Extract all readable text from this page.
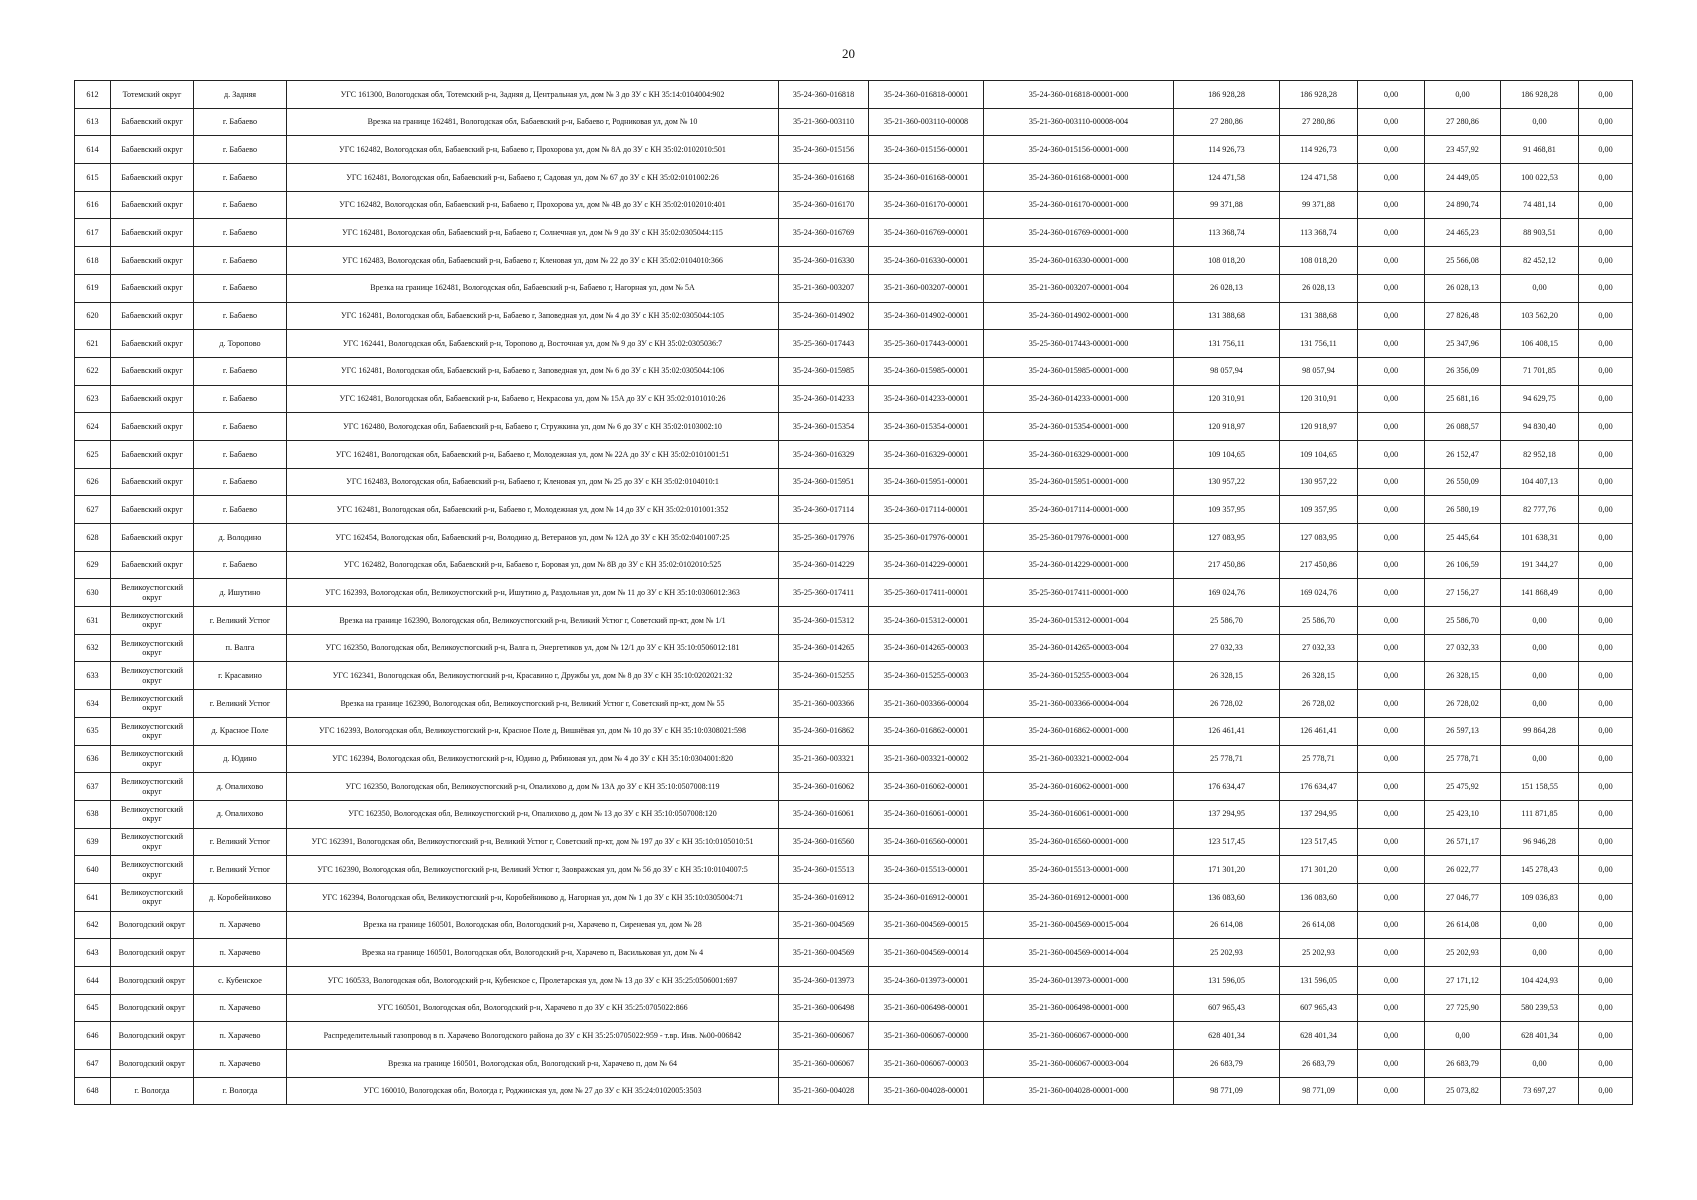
20
612	Тотемский округ	д. Задняя	УГС 161300, Вологодская обл, Тотемский р-н, Задняя д, Центральная ул, дом № 3 до ЗУ с КН 35:14:0104004:902	35-24-360-016818	35-24-360-016818-00001	35-24-360-016818-00001-000	186 928,28	186 928,28	0,00	0,00	186 928,28	0,00
613	Бабаевский округ	г. Бабаево	Врезка на границе 162481, Вологодская обл, Бабаевский р-н, Бабаево г, Родниковая ул, дом № 10	35-21-360-003110	35-21-360-003110-00008	35-21-360-003110-00008-004	27 280,86	27 280,86	0,00	27 280,86	0,00	0,00
614	Бабаевский округ	г. Бабаево	УГС 162482, Вологодская обл, Бабаевский р-н, Бабаево г, Прохорова ул, дом № 8А до ЗУ с КН 35:02:0102010:501	35-24-360-015156	35-24-360-015156-00001	35-24-360-015156-00001-000	114 926,73	114 926,73	0,00	23 457,92	91 468,81	0,00
615	Бабаевский округ	г. Бабаево	УГС 162481, Вологодская обл, Бабаевский р-н, Бабаево г, Садовая ул, дом № 67 до ЗУ с КН 35:02:0101002:26	35-24-360-016168	35-24-360-016168-00001	35-24-360-016168-00001-000	124 471,58	124 471,58	0,00	24 449,05	100 022,53	0,00
616	Бабаевский округ	г. Бабаево	УГС 162482, Вологодская обл, Бабаевский р-н, Бабаево г, Прохорова ул, дом № 4В до ЗУ с КН 35:02:0102010:401	35-24-360-016170	35-24-360-016170-00001	35-24-360-016170-00001-000	99 371,88	99 371,88	0,00	24 890,74	74 481,14	0,00
617	Бабаевский округ	г. Бабаево	УГС 162481, Вологодская обл, Бабаевский р-н, Бабаево г, Солнечная ул, дом № 9 до ЗУ с КН 35:02:0305044:115	35-24-360-016769	35-24-360-016769-00001	35-24-360-016769-00001-000	113 368,74	113 368,74	0,00	24 465,23	88 903,51	0,00
618	Бабаевский округ	г. Бабаево	УГС 162483, Вологодская обл, Бабаевский р-н, Бабаево г, Кленовая ул, дом № 22 до ЗУ с КН 35:02:0104010:366	35-24-360-016330	35-24-360-016330-00001	35-24-360-016330-00001-000	108 018,20	108 018,20	0,00	25 566,08	82 452,12	0,00
619	Бабаевский округ	г. Бабаево	Врезка на границе 162481, Вологодская обл, Бабаевский р-н, Бабаево г, Нагорная ул, дом № 5А	35-21-360-003207	35-21-360-003207-00001	35-21-360-003207-00001-004	26 028,13	26 028,13	0,00	26 028,13	0,00	0,00
620	Бабаевский округ	г. Бабаево	УГС 162481, Вологодская обл, Бабаевский р-н, Бабаево г, Заповедная ул, дом № 4 до ЗУ с КН 35:02:0305044:105	35-24-360-014902	35-24-360-014902-00001	35-24-360-014902-00001-000	131 388,68	131 388,68	0,00	27 826,48	103 562,20	0,00
621	Бабаевский округ	д. Торопово	УГС 162441, Вологодская обл, Бабаевский р-н, Торопово д, Восточная ул, дом № 9 до ЗУ с КН 35:02:0305036:7	35-25-360-017443	35-25-360-017443-00001	35-25-360-017443-00001-000	131 756,11	131 756,11	0,00	25 347,96	106 408,15	0,00
622	Бабаевский округ	г. Бабаево	УГС 162481, Вологодская обл, Бабаевский р-н, Бабаево г, Заповедная ул, дом № 6 до ЗУ с КН 35:02:0305044:106	35-24-360-015985	35-24-360-015985-00001	35-24-360-015985-00001-000	98 057,94	98 057,94	0,00	26 356,09	71 701,85	0,00
623	Бабаевский округ	г. Бабаево	УГС 162481, Вологодская обл, Бабаевский р-н, Бабаево г, Некрасова ул, дом № 15А до ЗУ с КН 35:02:0101010:26	35-24-360-014233	35-24-360-014233-00001	35-24-360-014233-00001-000	120 310,91	120 310,91	0,00	25 681,16	94 629,75	0,00
624	Бабаевский округ	г. Бабаево	УГС 162480, Вологодская обл, Бабаевский р-н, Бабаево г, Стружкина ул, дом № 6 до ЗУ с КН 35:02:0103002:10	35-24-360-015354	35-24-360-015354-00001	35-24-360-015354-00001-000	120 918,97	120 918,97	0,00	26 088,57	94 830,40	0,00
625	Бабаевский округ	г. Бабаево	УГС 162481, Вологодская обл, Бабаевский р-н, Бабаево г, Молодежная ул, дом № 22А до ЗУ с КН 35:02:0101001:51	35-24-360-016329	35-24-360-016329-00001	35-24-360-016329-00001-000	109 104,65	109 104,65	0,00	26 152,47	82 952,18	0,00
626	Бабаевский округ	г. Бабаево	УГС 162483, Вологодская обл, Бабаевский р-н, Бабаево г, Кленовая ул, дом № 25 до ЗУ с КН 35:02:0104010:1	35-24-360-015951	35-24-360-015951-00001	35-24-360-015951-00001-000	130 957,22	130 957,22	0,00	26 550,09	104 407,13	0,00
627	Бабаевский округ	г. Бабаево	УГС 162481, Вологодская обл, Бабаевский р-н, Бабаево г, Молодежная ул, дом № 14 до ЗУ с КН 35:02:0101001:352	35-24-360-017114	35-24-360-017114-00001	35-24-360-017114-00001-000	109 357,95	109 357,95	0,00	26 580,19	82 777,76	0,00
628	Бабаевский округ	д. Володино	УГС 162454, Вологодская обл, Бабаевский р-н, Володино д, Ветеранов ул, дом № 12А до ЗУ с КН 35:02:0401007:25	35-25-360-017976	35-25-360-017976-00001	35-25-360-017976-00001-000	127 083,95	127 083,95	0,00	25 445,64	101 638,31	0,00
629	Бабаевский округ	г. Бабаево	УГС 162482, Вологодская обл, Бабаевский р-н, Бабаево г, Боровая ул, дом № 8В до ЗУ с КН 35:02:0102010:525	35-24-360-014229	35-24-360-014229-00001	35-24-360-014229-00001-000	217 450,86	217 450,86	0,00	26 106,59	191 344,27	0,00
630	Великоустюгский округ	д. Ишутино	УГС 162393, Вологодская обл, Великоустюгский р-н, Ишутино д, Раздольная ул, дом № 11 до ЗУ с КН 35:10:0306012:363	35-25-360-017411	35-25-360-017411-00001	35-25-360-017411-00001-000	169 024,76	169 024,76	0,00	27 156,27	141 868,49	0,00
631	Великоустюгский округ	г. Великий Устюг	Врезка на границе 162390, Вологодская обл, Великоустюгский р-н, Великий Устюг г, Советский пр-кт, дом № 1/1	35-24-360-015312	35-24-360-015312-00001	35-24-360-015312-00001-004	25 586,70	25 586,70	0,00	25 586,70	0,00	0,00
632	Великоустюгский округ	п. Валга	УГС 162350, Вологодская обл, Великоустюгский р-н, Валга п, Энергетиков ул, дом № 12/1 до ЗУ с КН 35:10:0506012:181	35-24-360-014265	35-24-360-014265-00003	35-24-360-014265-00003-004	27 032,33	27 032,33	0,00	27 032,33	0,00	0,00
633	Великоустюгский округ	г. Красавино	УГС 162341, Вологодская обл, Великоустюгский р-н, Красавино г, Дружбы ул, дом № 8 до ЗУ с КН 35:10:0202021:32	35-24-360-015255	35-24-360-015255-00003	35-24-360-015255-00003-004	26 328,15	26 328,15	0,00	26 328,15	0,00	0,00
634	Великоустюгский округ	г. Великий Устюг	Врезка на границе 162390, Вологодская обл, Великоустюгский р-н, Великий Устюг г, Советский пр-кт, дом № 55	35-21-360-003366	35-21-360-003366-00004	35-21-360-003366-00004-004	26 728,02	26 728,02	0,00	26 728,02	0,00	0,00
635	Великоустюгский округ	д. Красное Поле	УГС 162393, Вологодская обл, Великоустюгский р-н, Красное Поле д, Вишнёвая ул, дом № 10 до ЗУ с КН 35:10:0308021:598	35-24-360-016862	35-24-360-016862-00001	35-24-360-016862-00001-000	126 461,41	126 461,41	0,00	26 597,13	99 864,28	0,00
636	Великоустюгский округ	д. Юдино	УГС 162394, Вологодская обл, Великоустюгский р-н, Юдино д, Рябиновая ул, дом № 4 до ЗУ с КН 35:10:0304001:820	35-21-360-003321	35-21-360-003321-00002	35-21-360-003321-00002-004	25 778,71	25 778,71	0,00	25 778,71	0,00	0,00
637	Великоустюгский округ	д. Опалихово	УГС 162350, Вологодская обл, Великоустюгский р-н, Опалихово д, дом № 13А до ЗУ с КН 35:10:0507008:119	35-24-360-016062	35-24-360-016062-00001	35-24-360-016062-00001-000	176 634,47	176 634,47	0,00	25 475,92	151 158,55	0,00
638	Великоустюгский округ	д. Опалихово	УГС 162350, Вологодская обл, Великоустюгский р-н, Опалихово д, дом № 13 до ЗУ с КН 35:10:0507008:120	35-24-360-016061	35-24-360-016061-00001	35-24-360-016061-00001-000	137 294,95	137 294,95	0,00	25 423,10	111 871,85	0,00
639	Великоустюгский округ	г. Великий Устюг	УГС 162391, Вологодская обл, Великоустюгский р-н, Великий Устюг г, Советский пр-кт, дом № 197 до ЗУ с КН 35:10:0105010:51	35-24-360-016560	35-24-360-016560-00001	35-24-360-016560-00001-000	123 517,45	123 517,45	0,00	26 571,17	96 946,28	0,00
640	Великоустюгский округ	г. Великий Устюг	УГС 162390, Вологодская обл, Великоустюгский р-н, Великий Устюг г, Заовражская ул, дом № 56 до ЗУ с КН 35:10:0104007:5	35-24-360-015513	35-24-360-015513-00001	35-24-360-015513-00001-000	171 301,20	171 301,20	0,00	26 022,77	145 278,43	0,00
641	Великоустюгский округ	д. Коробейниково	УГС 162394, Вологодская обл, Великоустюгский р-н, Коробейниково д, Нагорная ул, дом № 1 до ЗУ с КН 35:10:0305004:71	35-24-360-016912	35-24-360-016912-00001	35-24-360-016912-00001-000	136 083,60	136 083,60	0,00	27 046,77	109 036,83	0,00
642	Вологодский округ	п. Харачево	Врезка на границе 160501, Вологодская обл, Вологодский р-н, Харачево п, Сиреневая ул, дом № 28	35-21-360-004569	35-21-360-004569-00015	35-21-360-004569-00015-004	26 614,08	26 614,08	0,00	26 614,08	0,00	0,00
643	Вологодский округ	п. Харачево	Врезка на границе 160501, Вологодская обл, Вологодский р-н, Харачево п, Васильковая ул, дом № 4	35-21-360-004569	35-21-360-004569-00014	35-21-360-004569-00014-004	25 202,93	25 202,93	0,00	25 202,93	0,00	0,00
644	Вологодский округ	с. Кубенское	УГС 160533, Вологодская обл, Вологодский р-н, Кубенское с, Пролетарская ул, дом № 13 до ЗУ с КН 35:25:0506001:697	35-24-360-013973	35-24-360-013973-00001	35-24-360-013973-00001-000	131 596,05	131 596,05	0,00	27 171,12	104 424,93	0,00
645	Вологодский округ	п. Харачево	УГС 160501, Вологодская обл, Вологодский р-н, Харачево п до ЗУ с КН 35:25:0705022:866	35-21-360-006498	35-21-360-006498-00001	35-21-360-006498-00001-000	607 965,43	607 965,43	0,00	27 725,90	580 239,53	0,00
646	Вологодский округ	п. Харачево	Распределительный газопровод в п. Харачево Вологодского района до ЗУ с КН 35:25:0705022:959 - т.вр. Инв. №00-006842	35-21-360-006067	35-21-360-006067-00000	35-21-360-006067-00000-000	628 401,34	628 401,34	0,00	0,00	628 401,34	0,00
647	Вологодский округ	п. Харачево	Врезка на границе 160501, Вологодская обл, Вологодский р-н, Харачево п, дом № 64	35-21-360-006067	35-21-360-006067-00003	35-21-360-006067-00003-004	26 683,79	26 683,79	0,00	26 683,79	0,00	0,00
648	г. Вологда	г. Вологда	УГС 160010, Вологодская обл, Вологда г, Роджинская ул, дом № 27 до ЗУ с КН 35:24:0102005:3503	35-21-360-004028	35-21-360-004028-00001	35-21-360-004028-00001-000	98 771,09	98 771,09	0,00	25 073,82	73 697,27	0,00
